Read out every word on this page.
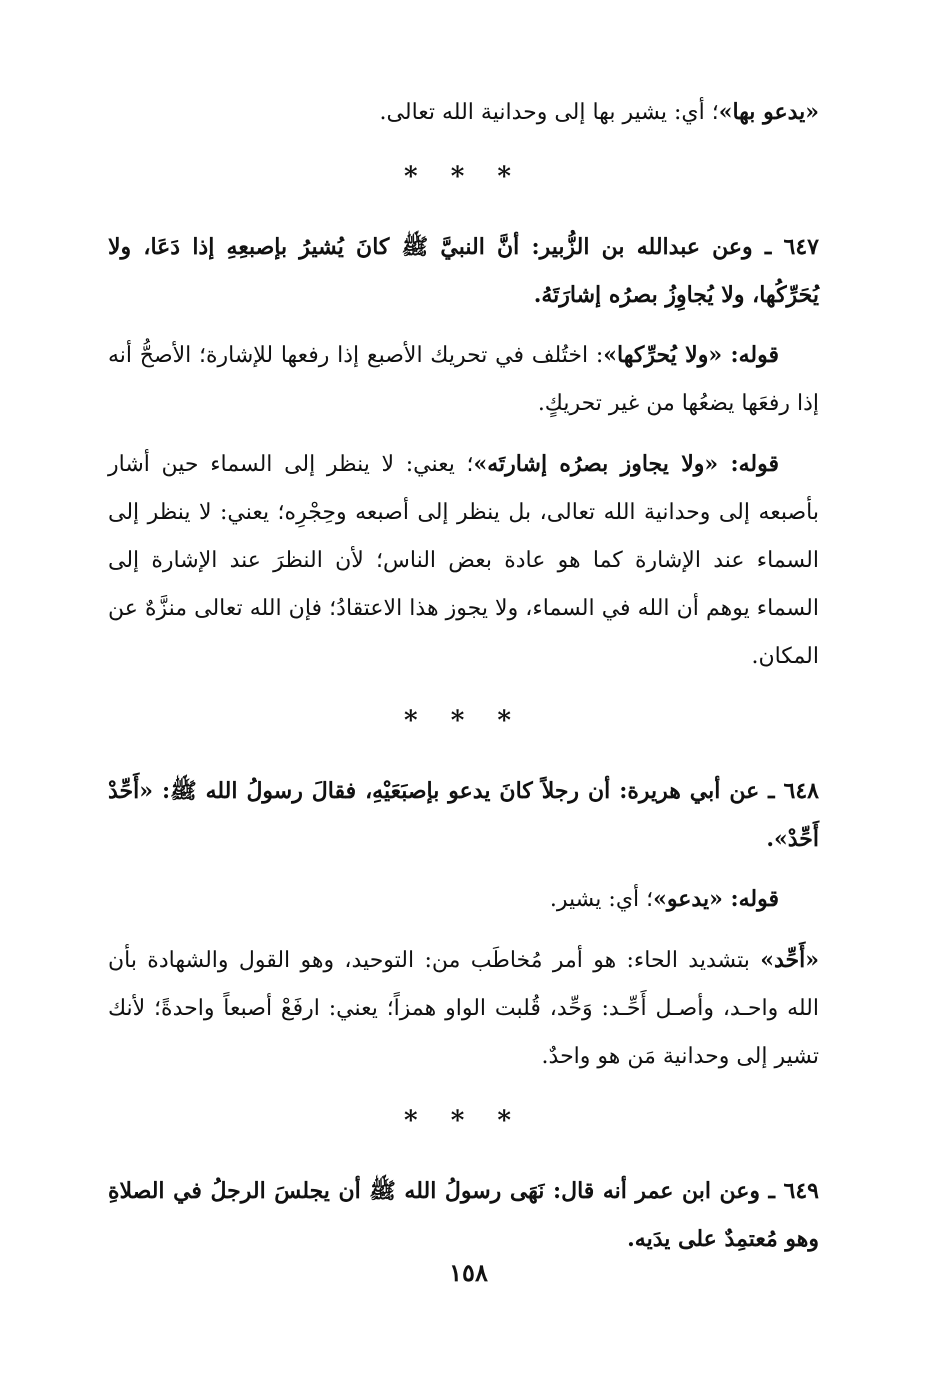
«يدعو بها»؛ أي: يشير بها إلى وحدانية الله تعالى.

* * *

٦٤٧ ـ وعن عبدالله بن الزُّبير: أنَّ النبيَّ ﷺ كانَ يُشيرُ بإصبعِهِ إذا دَعَا، ولا يُحَرِّكُها، ولا يُجاوِزُ بصرُه إشارَتَهُ.

قوله: «ولا يُحرِّكها»: اختُلف في تحريك الأصبع إذا رفعها للإشارة؛ الأصحُّ أنه إذا رفعَها يضعُها من غير تحريكٍ.

قوله: «ولا يجاوز بصرُه إشارتَه»؛ يعني: لا ينظر إلى السماء حين أشار بأصبعه إلى وحدانية الله تعالى، بل ينظر إلى أصبعه وحِجْرِه؛ يعني: لا ينظر إلى السماء عند الإشارة كما هو عادة بعض الناس؛ لأن النظرَ عند الإشارة إلى السماء يوهم أن الله في السماء، ولا يجوز هذا الاعتقادُ؛ فإن الله تعالى منزَّهٌ عن المكان.

* * *

٦٤٨ ـ عن أبي هريرة: أن رجلاً كانَ يدعو بإصبَعَيْهِ، فقالَ رسولُ الله ﷺ: «أَحِّدْ أَحِّدْ».

قوله: «يدعو»؛ أي: يشير.

«أَحِّد» بتشديد الحاء: هو أمر مُخاطَب من: التوحيد، وهو القول والشهادة بأن الله واحـد، وأصـل أَحِّـد: وَحِّد، قُلبت الواو همزاً؛ يعني: ارفَعْ أصبعاً واحدةً؛ لأنك تشير إلى وحدانية مَن هو واحدٌ.

* * *

٦٤٩ ـ وعن ابن عمر أنه قال: نَهَى رسولُ الله ﷺ أن يجلسَ الرجلُ في الصلاةِ وهو مُعتمِدٌ على يدَيه.

١٥٨
